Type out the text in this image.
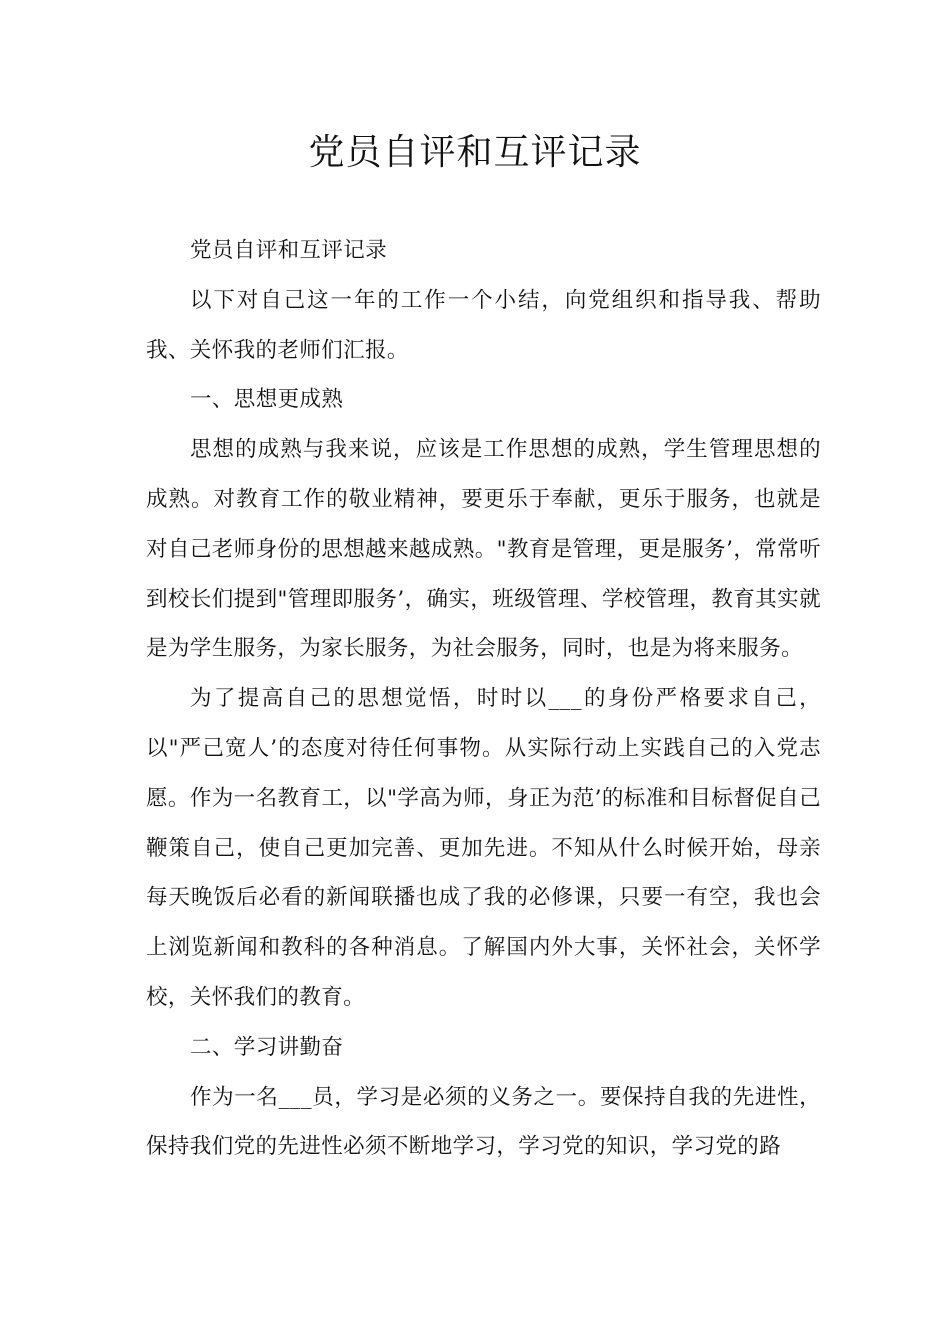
党员自评和互评记录

党员自评和互评记录

以下对自己这一年的工作一个小结，向党组织和指导我、帮助我、关怀我的老师们汇报。

一、思想更成熟

思想的成熟与我来说，应该是工作思想的成熟，学生管理思想的成熟。对教育工作的敬业精神，要更乐于奉献，更乐于服务，也就是对自己老师身份的思想越来越成熟。"教育是管理，更是服务’，常常听到校长们提到"管理即服务’，确实，班级管理、学校管理，教育其实就是为学生服务，为家长服务，为社会服务，同时，也是为将来服务。

为了提高自己的思想觉悟，时时以___的身份严格要求自己，以"严己宽人’的态度对待任何事物。从实际行动上实践自己的入党志愿。作为一名教育工，以"学高为师，身正为范’的标准和目标督促自己鞭策自己，使自己更加完善、更加先进。不知从什么时候开始，母亲每天晚饭后必看的新闻联播也成了我的必修课，只要一有空，我也会上浏览新闻和教科的各种消息。了解国内外大事，关怀社会，关怀学校，关怀我们的教育。

二、学习讲勤奋

作为一名___员，学习是必须的义务之一。要保持自我的先进性，保持我们党的先进性必须不断地学习，学习党的知识，学习党的路
